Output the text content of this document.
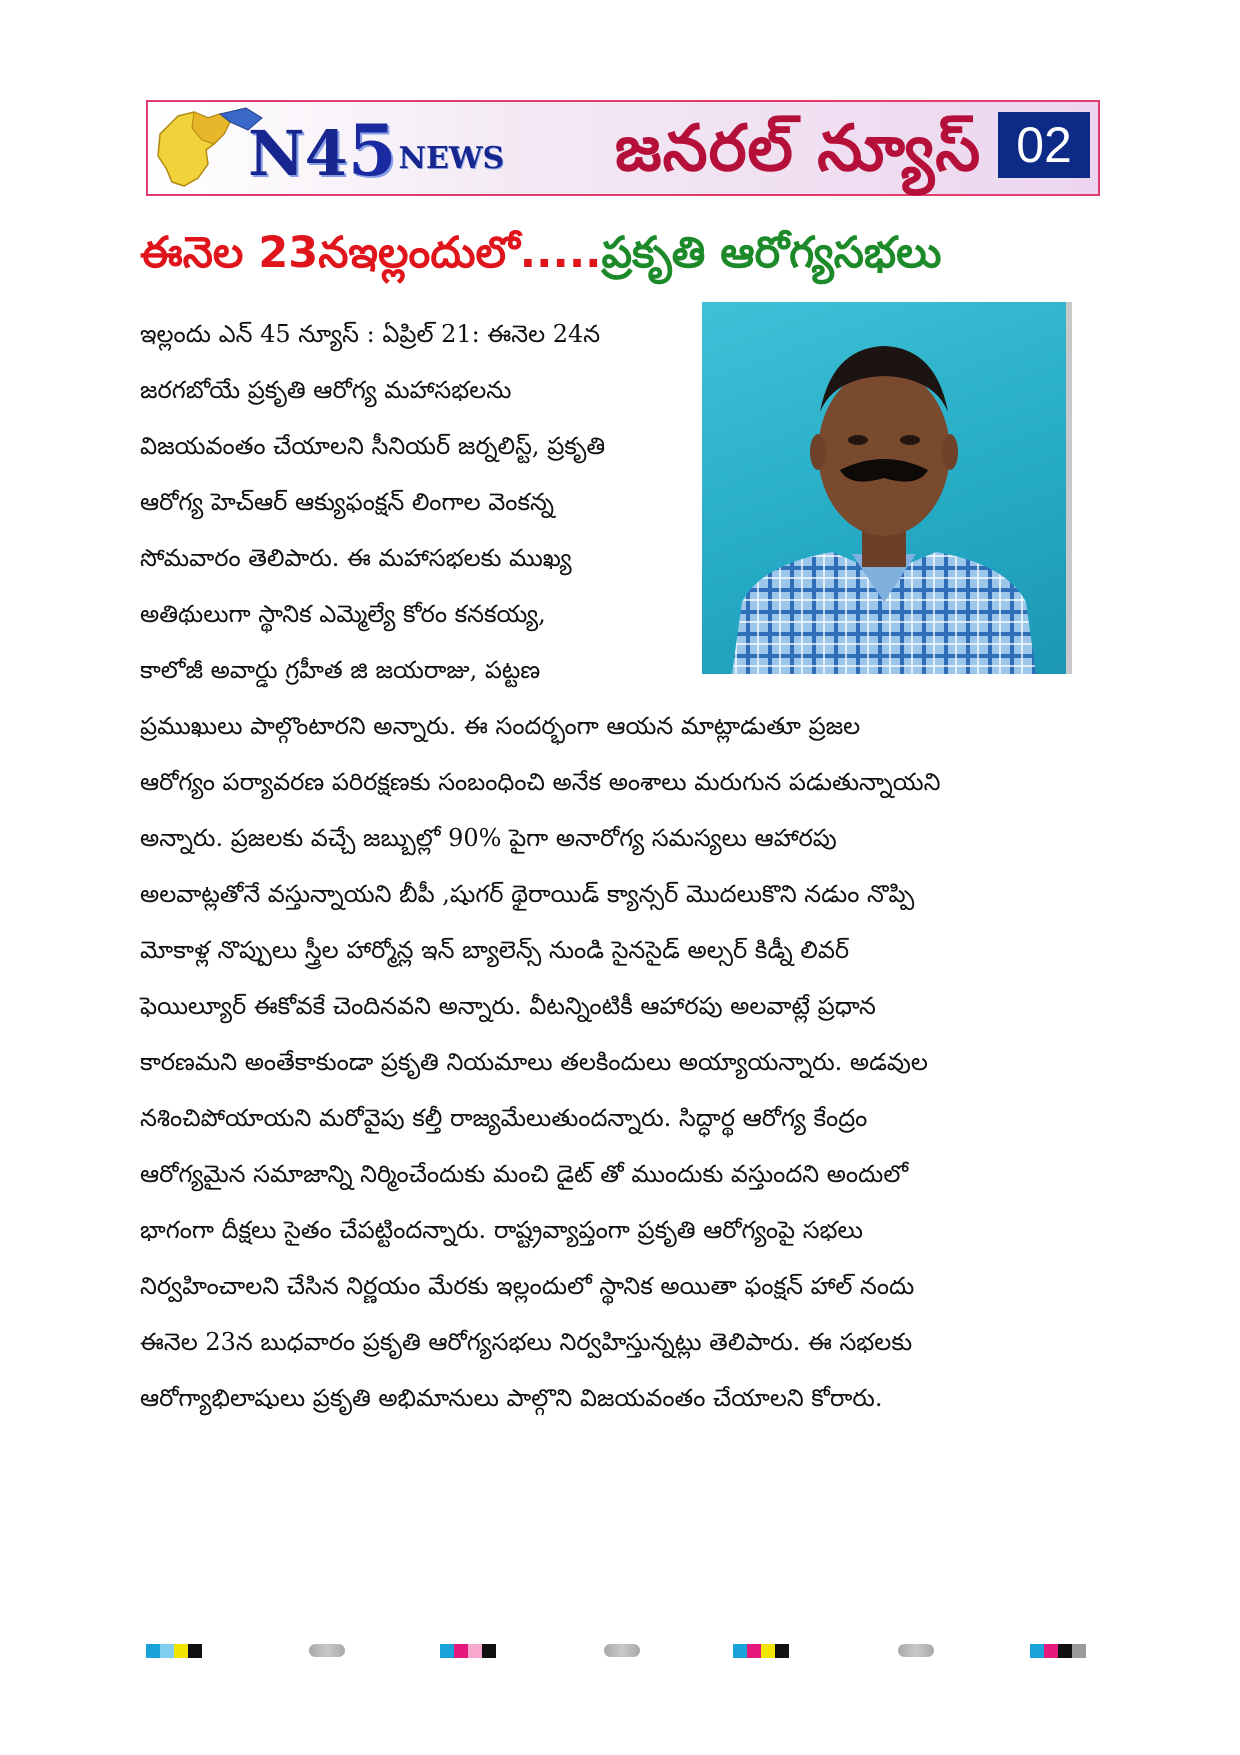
N4 5 NEWS	జనరల్ న్యూస్ 02
ఈనెల 23నఇల్లందులో.....ప్రకృతి ఆరోగ్యసభలు
ఇల్లందు ఎన్ 45 న్యూస్ : ఏప్రిల్ 21: ఈనెల 24న
జరగబోయే ప్రకృతి ఆరోగ్య మహాసభలను
విజయవంతం చేయాలని సీనియర్ జర్నలిస్ట్, ప్రకృతి
ఆరోగ్య హెచ్ఆర్ ఆక్యుఫంక్షన్ లింగాల వెంకన్న
సోమవారం తెలిపారు. ఈ మహాసభలకు ముఖ్య
అతిథులుగా స్థానిక ఎమ్మెల్యే కోరం కనకయ్య,
కాలోజీ అవార్డు గ్రహీత జి జయరాజు, పట్టణ
ప్రముఖులు పాల్గొంటారని అన్నారు. ఈ సందర్భంగా ఆయన మాట్లాడుతూ ప్రజల
ఆరోగ్యం పర్యావరణ పరిరక్షణకు సంబంధించి అనేక అంశాలు మరుగున పడుతున్నాయని
అన్నారు. ప్రజలకు వచ్చే జబ్బుల్లో 90% పైగా అనారోగ్య సమస్యలు ఆహారపు
అలవాట్లతోనే వస్తున్నాయని బీపీ ,షుగర్ థైరాయిడ్ క్యాన్సర్ మొదలుకొని నడుం నొప్పి
మోకాళ్ల నొప్పులు స్త్రీల హార్మోన్ల ఇన్ బ్యాలెన్స్ నుండి సైనసైడ్ అల్సర్ కిడ్నీ లివర్
ఫెయిల్యూర్ ఈకోవకే చెందినవని అన్నారు. వీటన్నింటికీ ఆహారపు అలవాట్లే ప్రధాన
కారణమని అంతేకాకుండా ప్రకృతి నియమాలు తలకిందులు అయ్యాయన్నారు. అడవుల
నశించిపోయాయని మరోవైపు కల్తీ రాజ్యమేలుతుందన్నారు. సిద్ధార్థ ఆరోగ్య కేంద్రం
ఆరోగ్యమైన సమాజాన్ని నిర్మించేందుకు మంచి డైట్ తో ముందుకు వస్తుందని అందులో
భాగంగా దీక్షలు సైతం చేపట్టిందన్నారు. రాష్ట్రవ్యాప్తంగా ప్రకృతి ఆరోగ్యంపై సభలు
నిర్వహించాలని చేసిన నిర్ణయం మేరకు ఇల్లందులో స్థానిక అయితా ఫంక్షన్ హాల్ నందు
ఈనెల 23న బుధవారం ప్రకృతి ఆరోగ్యసభలు నిర్వహిస్తున్నట్లు తెలిపారు. ఈ సభలకు
ఆరోగ్యాభిలాషులు ప్రకృతి అభిమానులు పాల్గొని విజయవంతం చేయాలని కోరారు.
